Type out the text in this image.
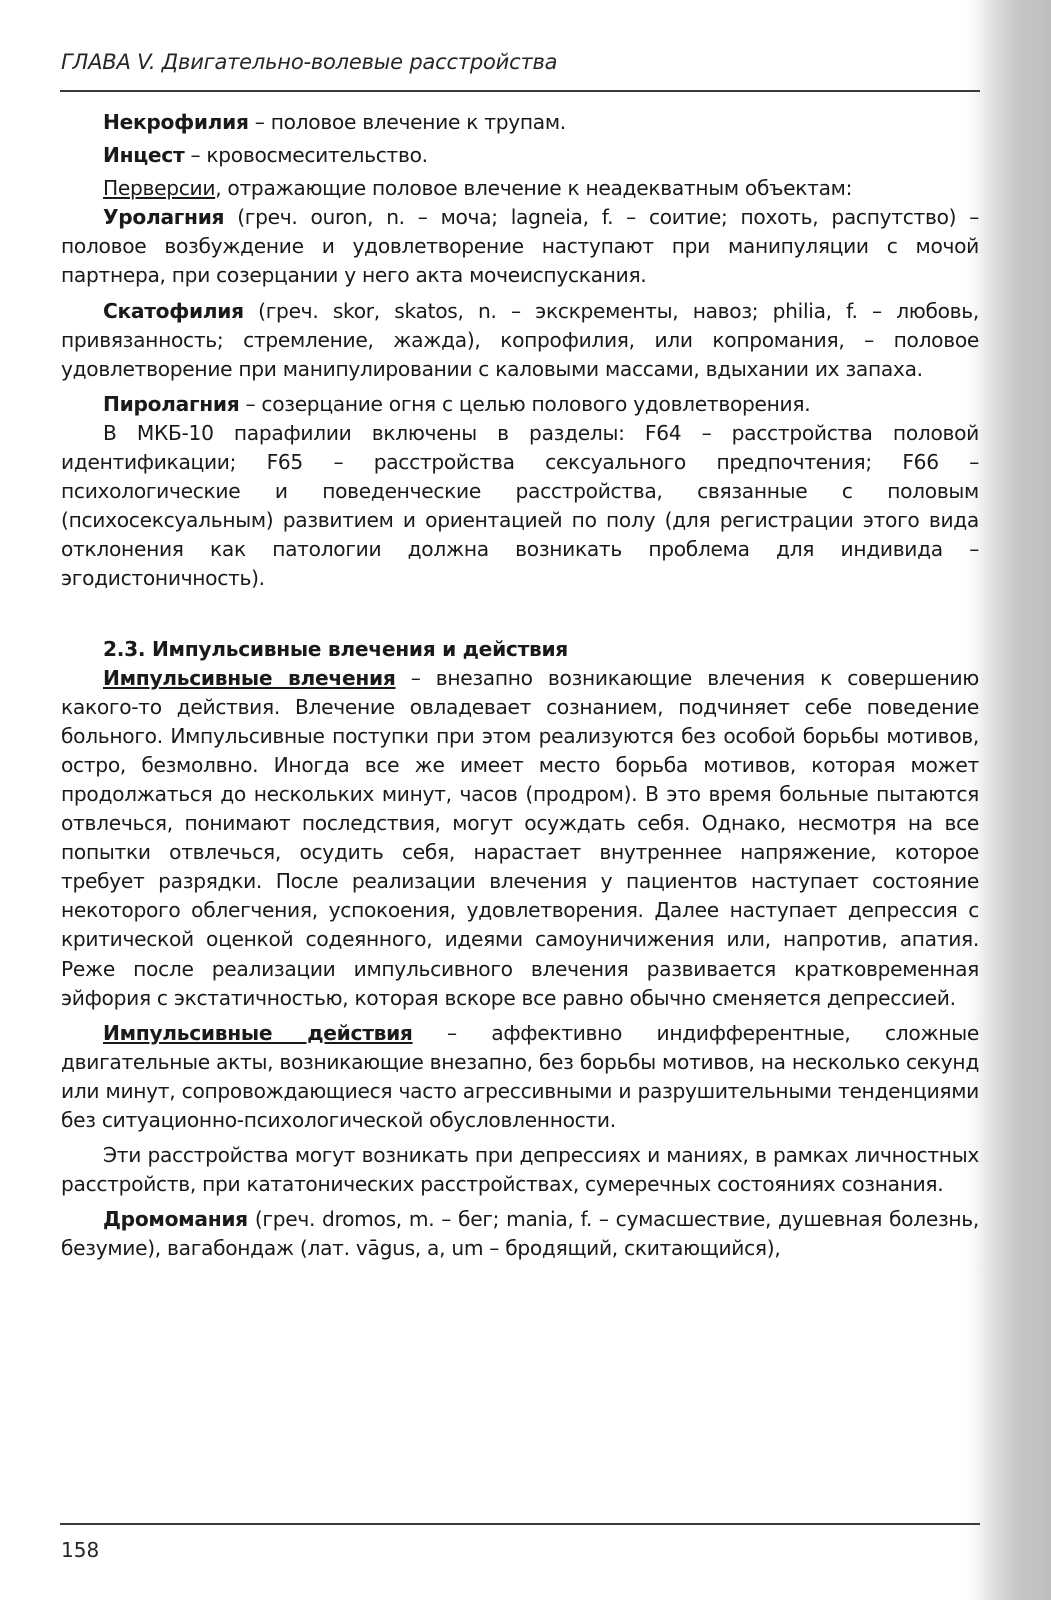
ГЛАВА V. Двигательно-волевые расстройства

Некрофилия – половое влечение к трупам.

Инцест – кровосмесительство.

Перверсии, отражающие половое влечение к неадекватным объектам:

Уролагния (греч. ouron, n. – моча; lagneia, f. – соитие; похоть, распутство) – половое возбуждение и удовлетворение наступают при манипуляции с мочой партнера, при созерцании у него акта мочеиспускания.

Скатофилия (греч. skor, skatos, n. – экскременты, навоз; philia, f. – любовь, привязанность; стремление, жажда), копрофилия, или копромания, – половое удовлетворение при манипулировании с каловыми массами, вдыхании их запаха.

Пиролагния – созерцание огня с целью полового удовлетворения.

В МКБ-10 парафилии включены в разделы: F64 – расстройства половой идентификации; F65 – расстройства сексуального предпочтения; F66 – психологические и поведенческие расстройства, связанные с половым (психосексуальным) развитием и ориентацией по полу (для регистрации этого вида отклонения как патологии должна возникать проблема для индивида – эгодистоничность).

2.3. Импульсивные влечения и действия

Импульсивные влечения – внезапно возникающие влечения к совершению какого-то действия. Влечение овладевает сознанием, подчиняет себе поведение больного. Импульсивные поступки при этом реализуются без особой борьбы мотивов, остро, безмолвно. Иногда все же имеет место борьба мотивов, которая может продолжаться до нескольких минут, часов (продром). В это время больные пытаются отвлечься, понимают последствия, могут осуждать себя. Однако, несмотря на все попытки отвлечься, осудить себя, нарастает внутреннее напряжение, которое требует разрядки. После реализации влечения у пациентов наступает состояние некоторого облегчения, успокоения, удовлетворения. Далее наступает депрессия с критической оценкой содеянного, идеями самоуничижения или, напротив, апатия. Реже после реализации импульсивного влечения развивается кратковременная эйфория с экстатичностью, которая вскоре все равно обычно сменяется депрессией.

Импульсивные действия – аффективно индифферентные, сложные двигательные акты, возникающие внезапно, без борьбы мотивов, на несколько секунд или минут, сопровождающиеся часто агрессивными и разрушительными тенденциями без ситуационно-психологической обусловленности.

Эти расстройства могут возникать при депрессиях и маниях, в рамках личностных расстройств, при кататонических расстройствах, сумеречных состояниях сознания.

Дромомания (греч. dromos, m. – бег; mania, f. – сумасшествие, душевная болезнь, безумие), вагабондаж (лат. vāgus, a, um – бродящий, скитающийся),

158
